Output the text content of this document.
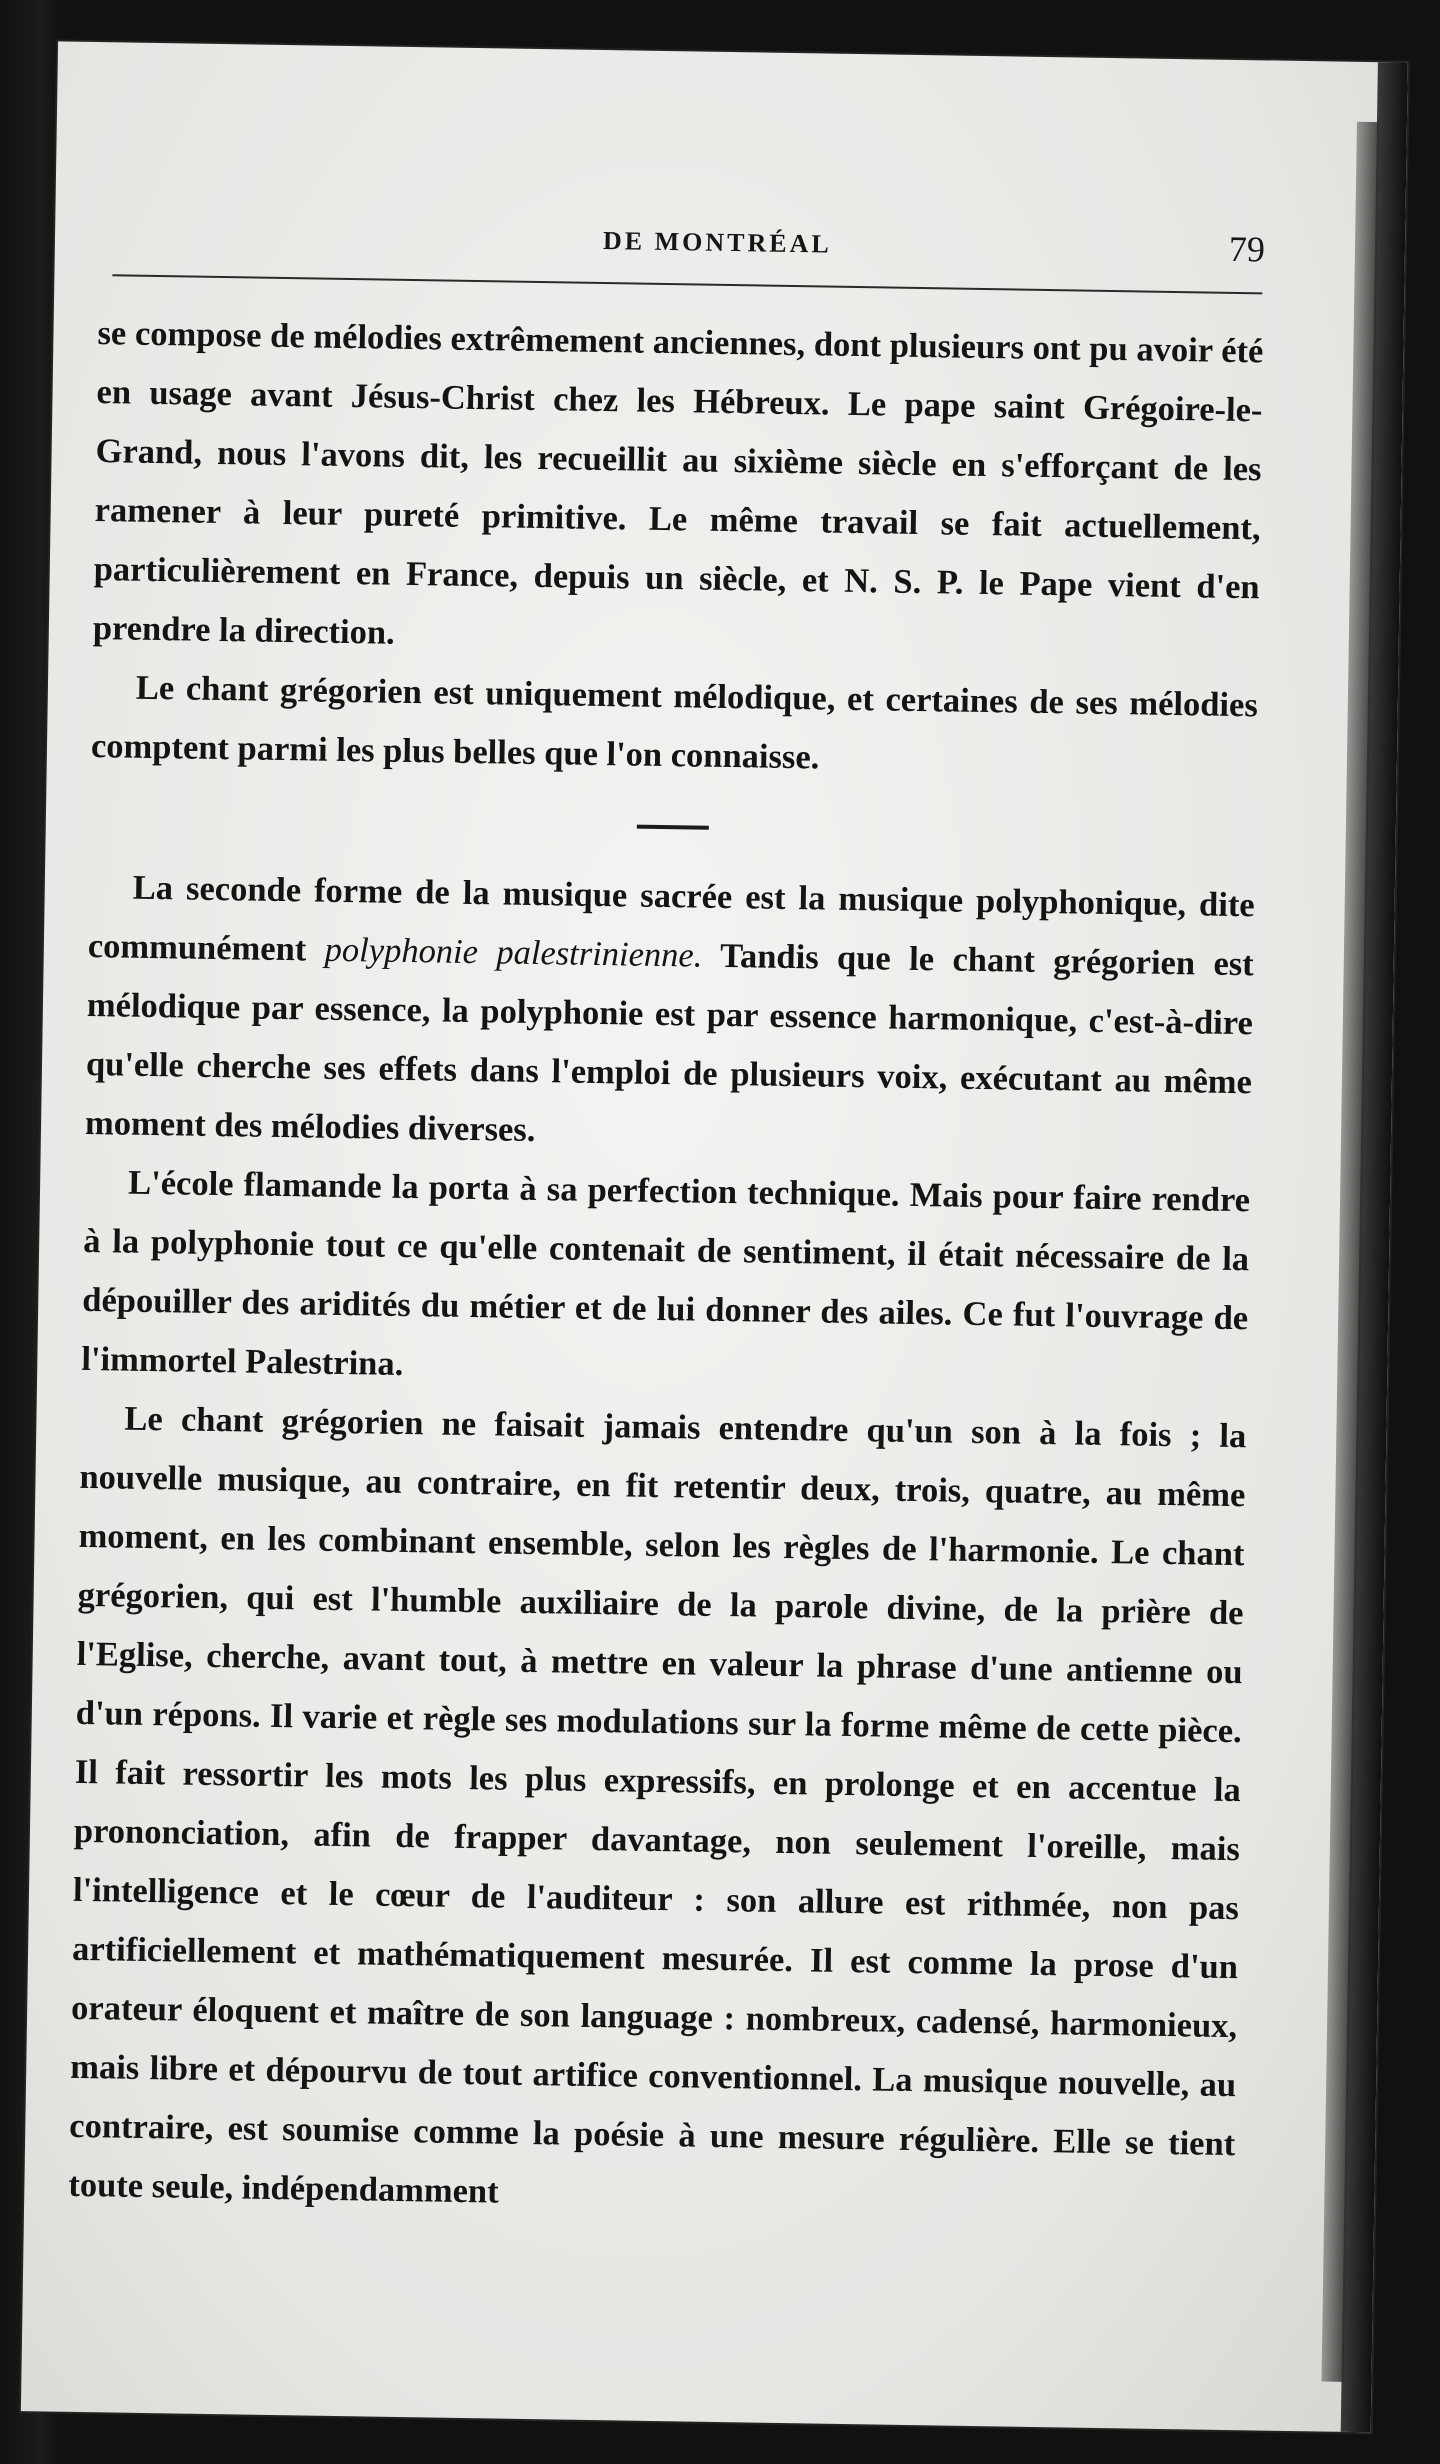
DE MONTRÉAL	79

se compose de mélodies extrêmement anciennes, dont plusieurs ont pu avoir été en usage avant Jésus-Christ chez les Hébreux. Le pape saint Grégoire-le-Grand, nous l'avons dit, les recueillit au sixième siècle en s'efforçant de les ramener à leur pureté primitive. Le même travail se fait actuellement, particulièrement en France, depuis un siècle, et N. S. P. le Pape vient d'en prendre la direction.

Le chant grégorien est uniquement mélodique, et certaines de ses mélodies comptent parmi les plus belles que l'on connaisse.

La seconde forme de la musique sacrée est la musique polyphonique, dite communément polyphonie palestrinienne. Tandis que le chant grégorien est mélodique par essence, la polyphonie est par essence harmonique, c'est-à-dire qu'elle cherche ses effets dans l'emploi de plusieurs voix, exécutant au même moment des mélodies diverses.

L'école flamande la porta à sa perfection technique. Mais pour faire rendre à la polyphonie tout ce qu'elle contenait de sentiment, il était nécessaire de la dépouiller des aridités du métier et de lui donner des ailes. Ce fut l'ouvrage de l'immortel Palestrina.

Le chant grégorien ne faisait jamais entendre qu'un son à la fois ; la nouvelle musique, au contraire, en fit retentir deux, trois, quatre, au même moment, en les combinant ensemble, selon les règles de l'harmonie. Le chant grégorien, qui est l'humble auxiliaire de la parole divine, de la prière de l'Eglise, cherche, avant tout, à mettre en valeur la phrase d'une antienne ou d'un répons. Il varie et règle ses modulations sur la forme même de cette pièce. Il fait ressortir les mots les plus expressifs, en prolonge et en accentue la prononciation, afin de frapper davantage, non seulement l'oreille, mais l'intelligence et le cœur de l'auditeur : son allure est rithmée, non pas artificiellement et mathématiquement mesurée. Il est comme la prose d'un orateur éloquent et maître de son language : nombreux, cadensé, harmonieux, mais libre et dépourvu de tout artifice conventionnel. La musique nouvelle, au contraire, est soumise comme la poésie à une mesure régulière. Elle se tient toute seule, indépendamment
